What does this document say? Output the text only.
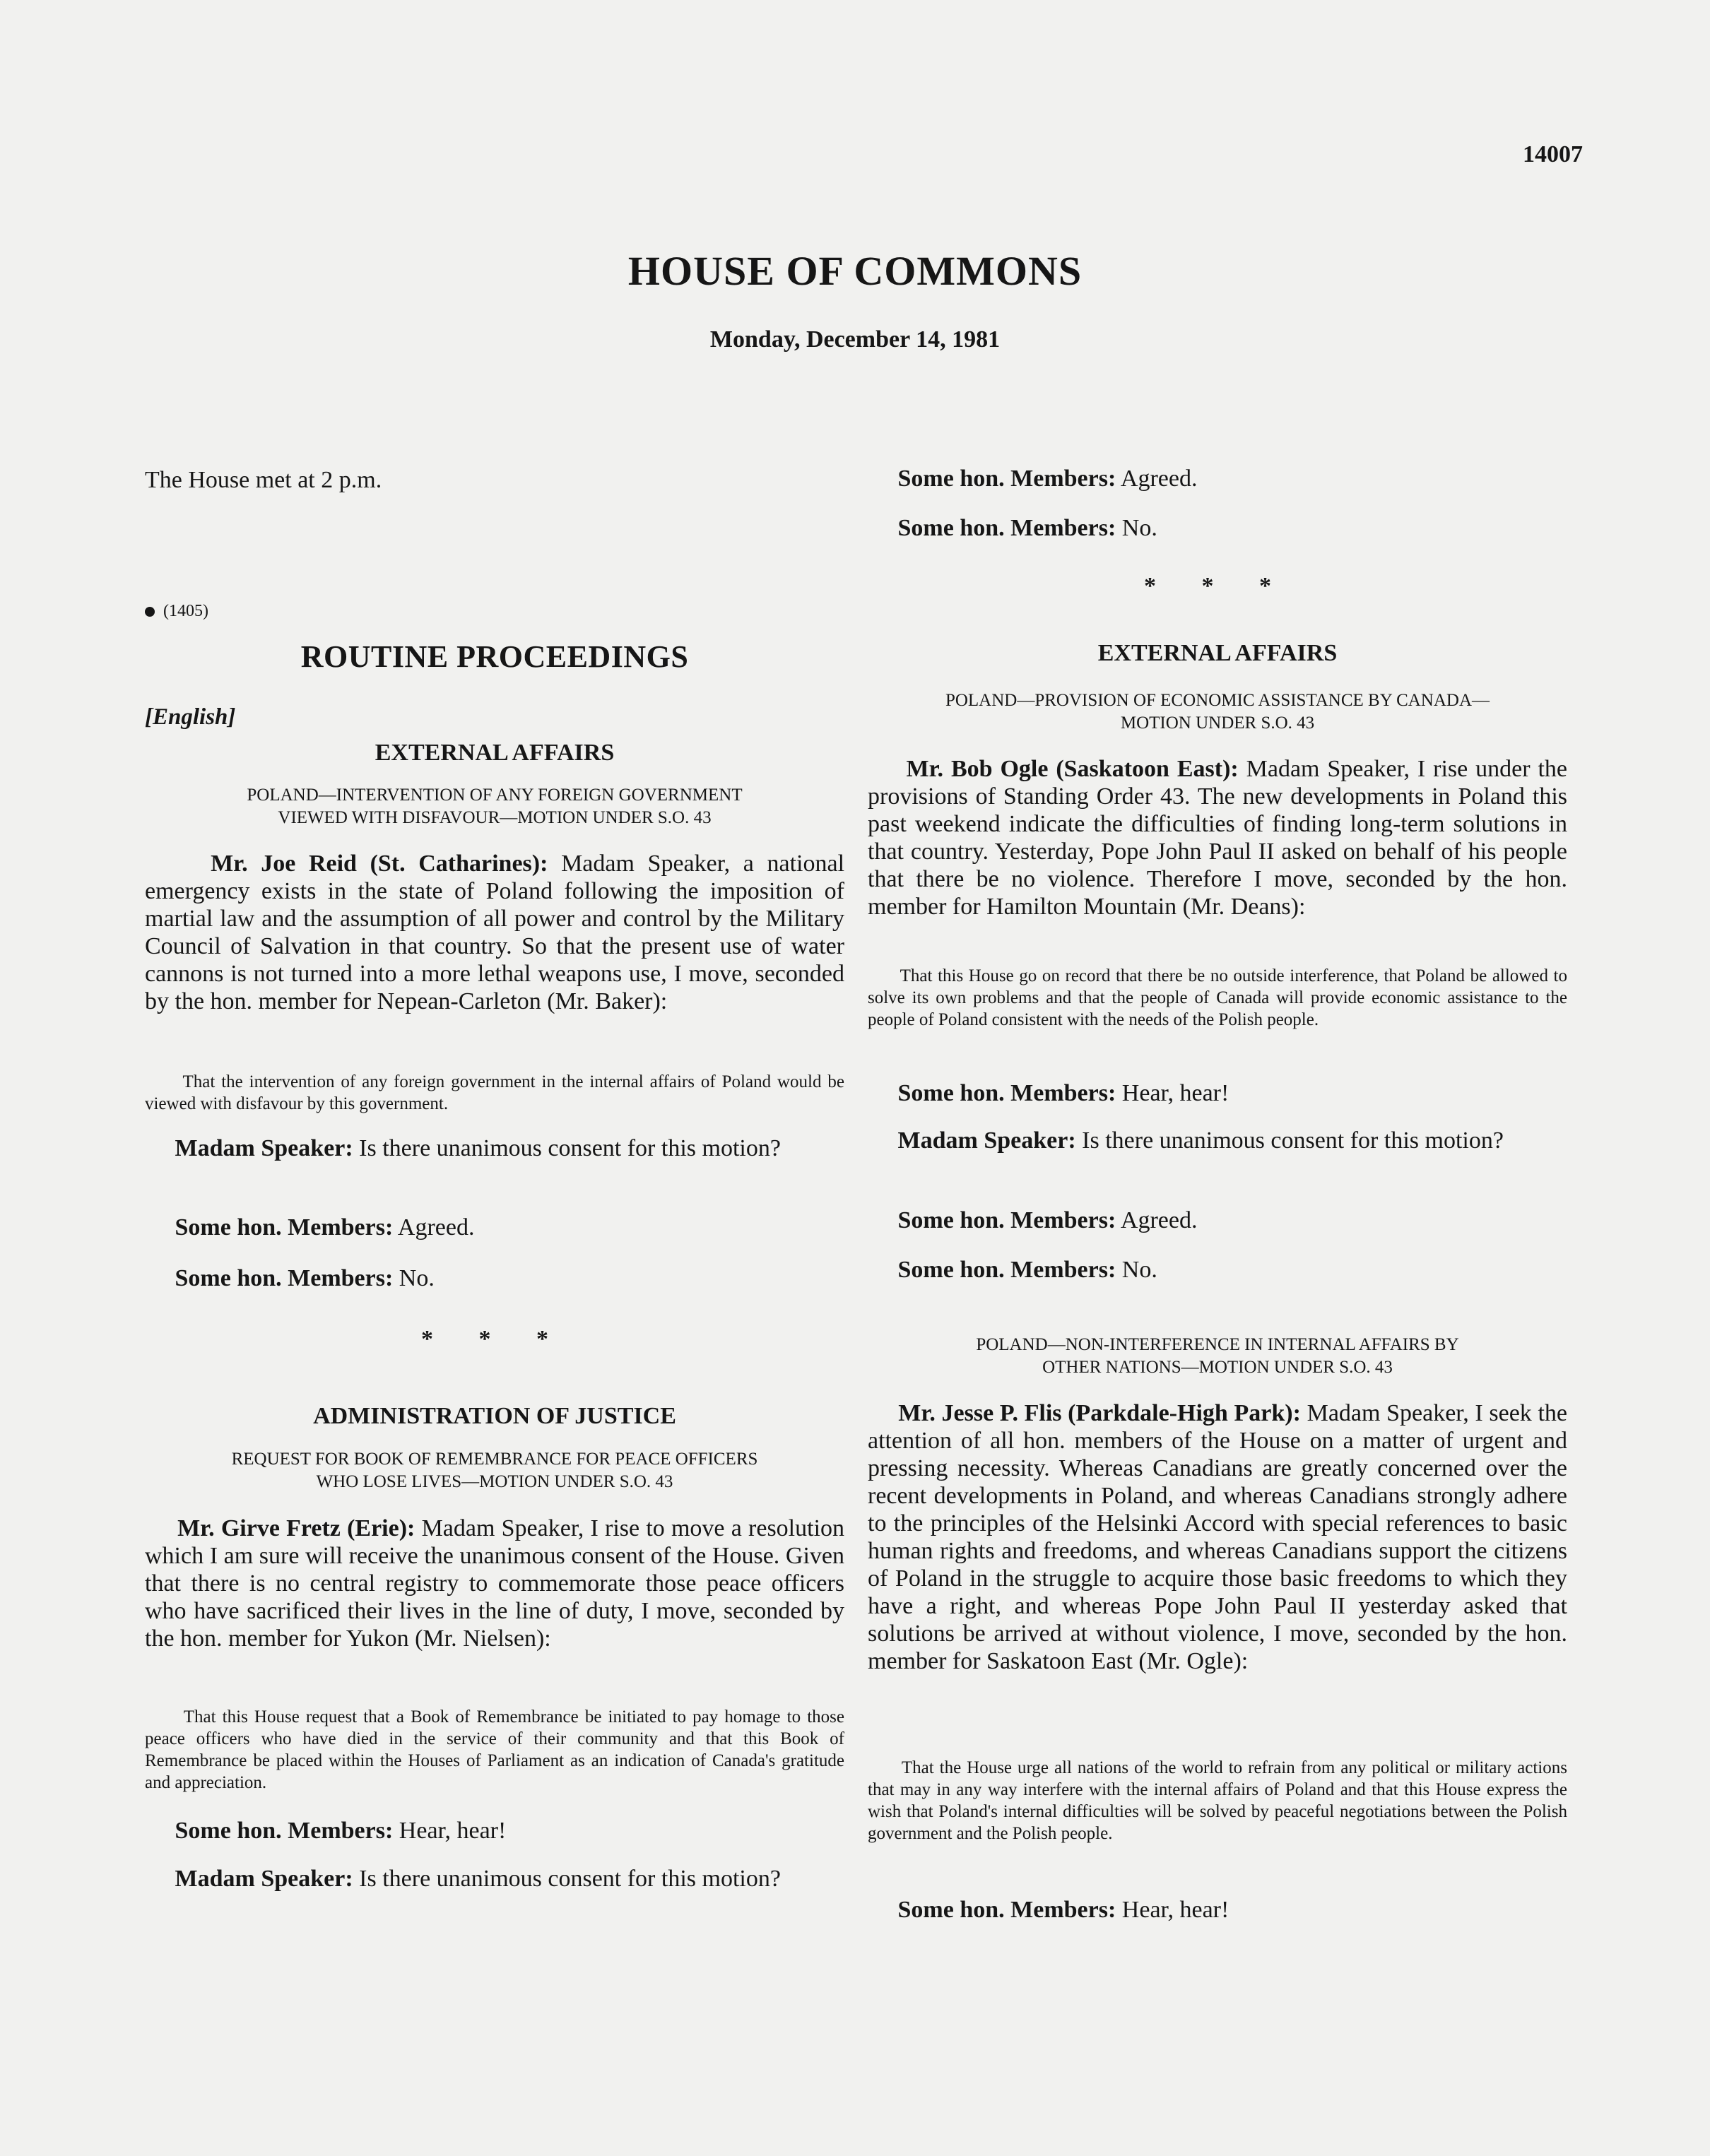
14007
HOUSE OF COMMONS
Monday, December 14, 1981

The House met at 2 p.m.

(1405)

ROUTINE PROCEEDINGS

[English]

EXTERNAL AFFAIRS

POLAND—INTERVENTION OF ANY FOREIGN GOVERNMENT

VIEWED WITH DISFAVOUR—MOTION UNDER S.O. 43

Mr. Joe Reid (St. Catharines): Madam Speaker, a national emergency exists in the state of Poland following the imposition of martial law and the assumption of all power and control by the Military Council of Salvation in that country. So that the present use of water cannons is not turned into a more lethal weapons use, I move, seconded by the hon. member for Nepean-Carleton (Mr. Baker):

That the intervention of any foreign government in the internal affairs of Poland would be viewed with disfavour by this government.

Madam Speaker: Is there unanimous consent for this motion?

Some hon. Members: Agreed.

Some hon. Members: No.

* * *

ADMINISTRATION OF JUSTICE

REQUEST FOR BOOK OF REMEMBRANCE FOR PEACE OFFICERS

WHO LOSE LIVES—MOTION UNDER S.O. 43

Mr. Girve Fretz (Erie): Madam Speaker, I rise to move a resolution which I am sure will receive the unanimous consent of the House. Given that there is no central registry to commemorate those peace officers who have sacrificed their lives in the line of duty, I move, seconded by the hon. member for Yukon (Mr. Nielsen):

That this House request that a Book of Remembrance be initiated to pay homage to those peace officers who have died in the service of their community and that this Book of Remembrance be placed within the Houses of Parliament as an indication of Canada's gratitude and appreciation.

Some hon. Members: Hear, hear!

Madam Speaker: Is there unanimous consent for this motion?

Some hon. Members: Agreed.

Some hon. Members: No.

* * *

EXTERNAL AFFAIRS

POLAND—PROVISION OF ECONOMIC ASSISTANCE BY CANADA—

MOTION UNDER S.O. 43

Mr. Bob Ogle (Saskatoon East): Madam Speaker, I rise under the provisions of Standing Order 43. The new developments in Poland this past weekend indicate the difficulties of finding long-term solutions in that country. Yesterday, Pope John Paul II asked on behalf of his people that there be no violence. Therefore I move, seconded by the hon. member for Hamilton Mountain (Mr. Deans):

That this House go on record that there be no outside interference, that Poland be allowed to solve its own problems and that the people of Canada will provide economic assistance to the people of Poland consistent with the needs of the Polish people.

Some hon. Members: Hear, hear!

Madam Speaker: Is there unanimous consent for this motion?

Some hon. Members: Agreed.

Some hon. Members: No.

POLAND—NON-INTERFERENCE IN INTERNAL AFFAIRS BY

OTHER NATIONS—MOTION UNDER S.O. 43

Mr. Jesse P. Flis (Parkdale-High Park): Madam Speaker, I seek the attention of all hon. members of the House on a matter of urgent and pressing necessity. Whereas Canadians are greatly concerned over the recent developments in Poland, and whereas Canadians strongly adhere to the principles of the Helsinki Accord with special references to basic human rights and freedoms, and whereas Canadians support the citizens of Poland in the struggle to acquire those basic freedoms to which they have a right, and whereas Pope John Paul II yesterday asked that solutions be arrived at without violence, I move, seconded by the hon. member for Saskatoon East (Mr. Ogle):

That the House urge all nations of the world to refrain from any political or military actions that may in any way interfere with the internal affairs of Poland and that this House express the wish that Poland's internal difficulties will be solved by peaceful negotiations between the Polish government and the Polish people.

Some hon. Members: Hear, hear!
